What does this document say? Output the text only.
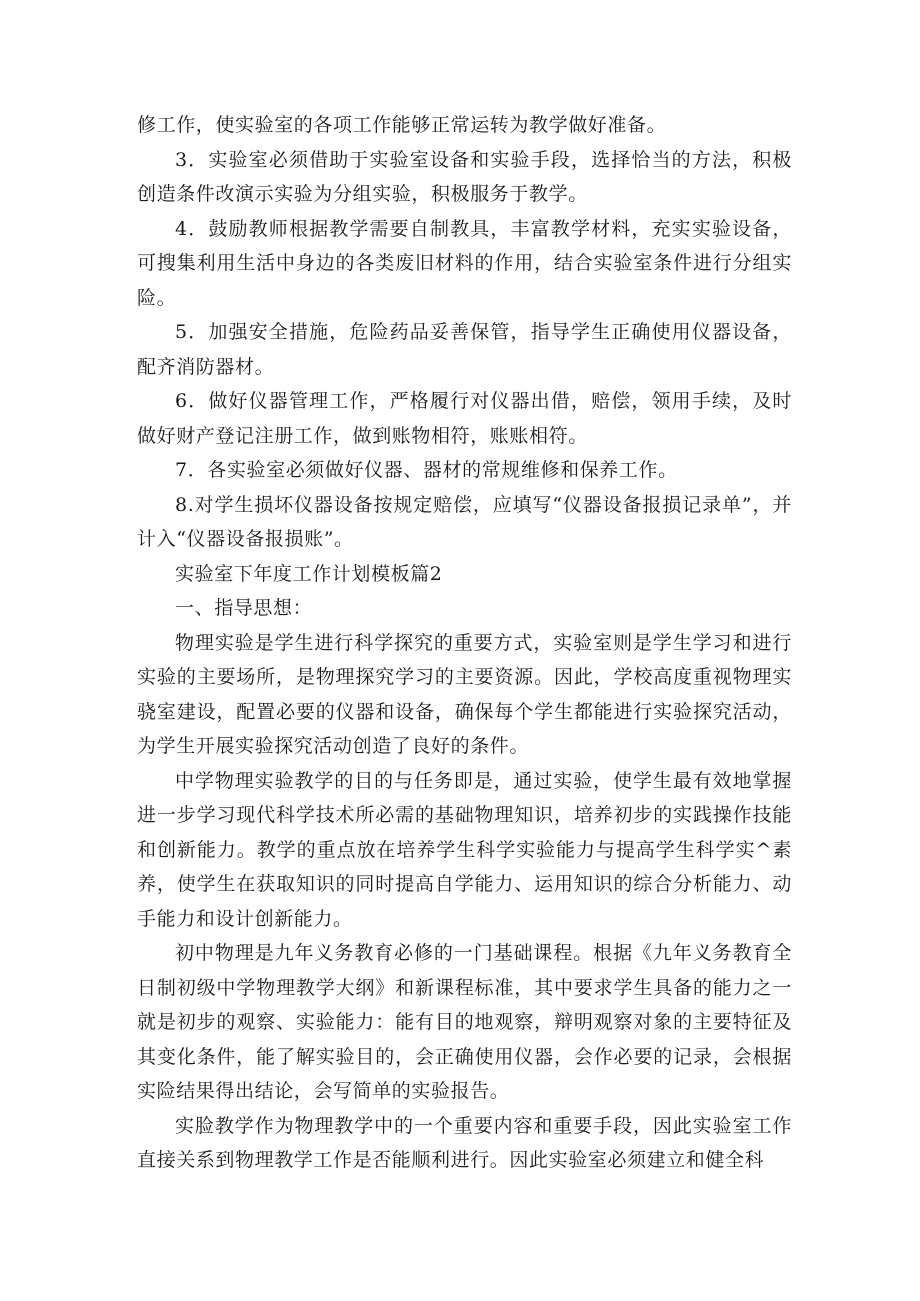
修工作，使实验室的各项工作能够正常运转为教学做好准备。

3．实验室必须借助于实验室设备和实验手段，选择恰当的方法，积极创造条件改演示实验为分组实验，积极服务于教学。

4．鼓励教师根据教学需要自制教具，丰富教学材料，充实实验设备，可搜集利用生活中身边的各类废旧材料的作用，结合实验室条件进行分组实险。

5．加强安全措施，危险药品妥善保管，指导学生正确使用仪器设备，配齐消防器材。

6．做好仪器管理工作，严格履行对仪器出借，赔偿，领用手续，及时做好财产登记注册工作，做到账物相符，账账相符。

7．各实验室必须做好仪器、器材的常规维修和保养工作。

8.对学生损坏仪器设备按规定赔偿，应填写“仪器设备报损记录单”，并计入“仪器设备报损账”。

实验室下年度工作计划模板篇2

一、指导思想：

物理实验是学生进行科学探究的重要方式，实验室则是学生学习和进行实验的主要场所，是物理探究学习的主要资源。因此，学校高度重视物理实骁室建设，配置必要的仪器和设备，确保每个学生都能进行实验探究活动，为学生开展实验探究活动创造了良好的条件。

中学物理实验教学的目的与任务即是，通过实验，使学生最有效地掌握进一步学习现代科学技术所必需的基础物理知识，培养初步的实践操作技能和创新能力。教学的重点放在培养学生科学实验能力与提高学生科学实^素养，使学生在获取知识的同时提高自学能力、运用知识的综合分析能力、动手能力和设计创新能力。

初中物理是九年义务教育必修的一门基础课程。根据《九年义务教育全日制初级中学物理教学大纲》和新课程标准，其中要求学生具备的能力之一就是初步的观察、实验能力：能有目的地观察，辩明观察对象的主要特征及其变化条件，能了解实验目的，会正确使用仪器，会作必要的记录，会根据实险结果得出结论，会写简单的实验报告。

实脸教学作为物理教学中的一个重要内容和重要手段，因此实验室工作直接关系到物理教学工作是否能顺利进行。因此实验室必须建立和健全科
